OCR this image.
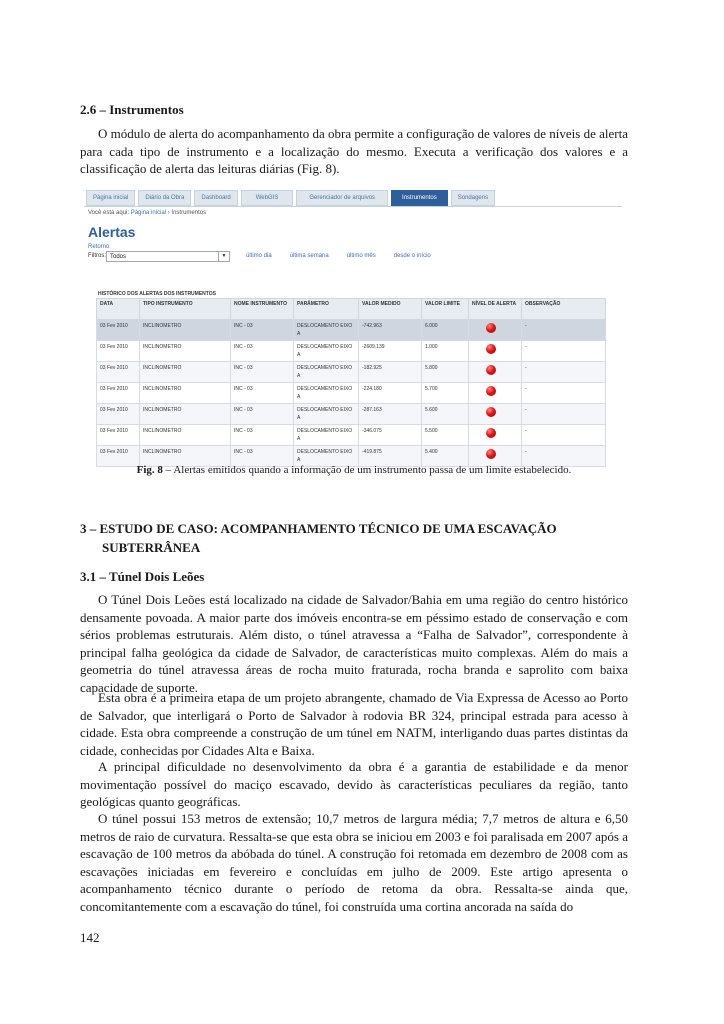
2.6 – Instrumentos

O módulo de alerta do acompanhamento da obra permite a configuração de valores de níveis de alerta para cada tipo de instrumento e a localização do mesmo. Executa a verificação dos valores e a classificação de alerta das leituras diárias (Fig. 8).

Página inicial	Diário da Obra	Dashboard	WebGIS	Gerenciador de arquivos	Instrumentos	Sondagens
Você está aqui: Página inicial › Instrumentos
Alertas
Retorno
Filtros: Todos	▼	último dia	última semana	último mês	desde o início
HISTÓRICO DOS ALERTAS DOS INSTRUMENTOS
DATA	TIPO INSTRUMENTO	NOME INSTRUMENTO	PARÂMETRO	VALOR MEDIDO	VALOR LIMITE	NÍVEL DE ALERTA	OBSERVAÇÃO
03 Fev 2010	INCLINOMETRO	INC - 03	DESLOCAMENTO EIXO A	-742.963	6.000		-
03 Fev 2010	INCLINOMETRO	INC - 03	DESLOCAMENTO EIXO A	-2609.139	1.000		-
03 Fev 2010	INCLINOMETRO	INC - 03	DESLOCAMENTO EIXO A	-182.925	5.800		-
03 Fev 2010	INCLINOMETRO	INC - 03	DESLOCAMENTO EIXO A	-224.180	5.700		-
03 Fev 2010	INCLINOMETRO	INC - 03	DESLOCAMENTO EIXO A	-287.163	5.600		-
03 Fev 2010	INCLINOMETRO	INC - 03	DESLOCAMENTO EIXO A	-346.075	5.500		-
03 Fev 2010	INCLINOMETRO	INC - 03	DESLOCAMENTO EIXO A	-419.875	5.400		-

Fig. 8 – Alertas emitidos quando a informação de um instrumento passa de um limite estabelecido.

3 – ESTUDO DE CASO: ACOMPANHAMENTO TÉCNICO DE UMA ESCAVAÇÃO
SUBTERRÂNEA
3.1 – Túnel Dois Leões

O Túnel Dois Leões está localizado na cidade de Salvador/Bahia em uma região do centro histórico densamente povoada. A maior parte dos imóveis encontra-se em péssimo estado de conservação e com sérios problemas estruturais. Além disto, o túnel atravessa a “Falha de Salvador”, correspondente à principal falha geológica da cidade de Salvador, de características muito complexas. Além do mais a geometria do túnel atravessa áreas de rocha muito fraturada, rocha branda e saprolito com baixa capacidade de suporte.

Esta obra é a primeira etapa de um projeto abrangente, chamado de Via Expressa de Acesso ao Porto de Salvador, que interligará o Porto de Salvador à rodovia BR 324, principal estrada para acesso à cidade. Esta obra compreende a construção de um túnel em NATM, interligando duas partes distintas da cidade, conhecidas por Cidades Alta e Baixa.

A principal dificuldade no desenvolvimento da obra é a garantia de estabilidade e da menor movimentação possível do maciço escavado, devido às características peculiares da região, tanto geológicas quanto geográficas.

O túnel possui 153 metros de extensão; 10,7 metros de largura média; 7,7 metros de altura e 6,50 metros de raio de curvatura. Ressalta-se que esta obra se iniciou em 2003 e foi paralisada em 2007 após a escavação de 100 metros da abóbada do túnel. A construção foi retomada em dezembro de 2008 com as escavações iniciadas em fevereiro e concluídas em julho de 2009. Este artigo apresenta o acompanhamento técnico durante o período de retoma da obra. Ressalta-se ainda que, concomitantemente com a escavação do túnel, foi construída uma cortina ancorada na saída do

142
